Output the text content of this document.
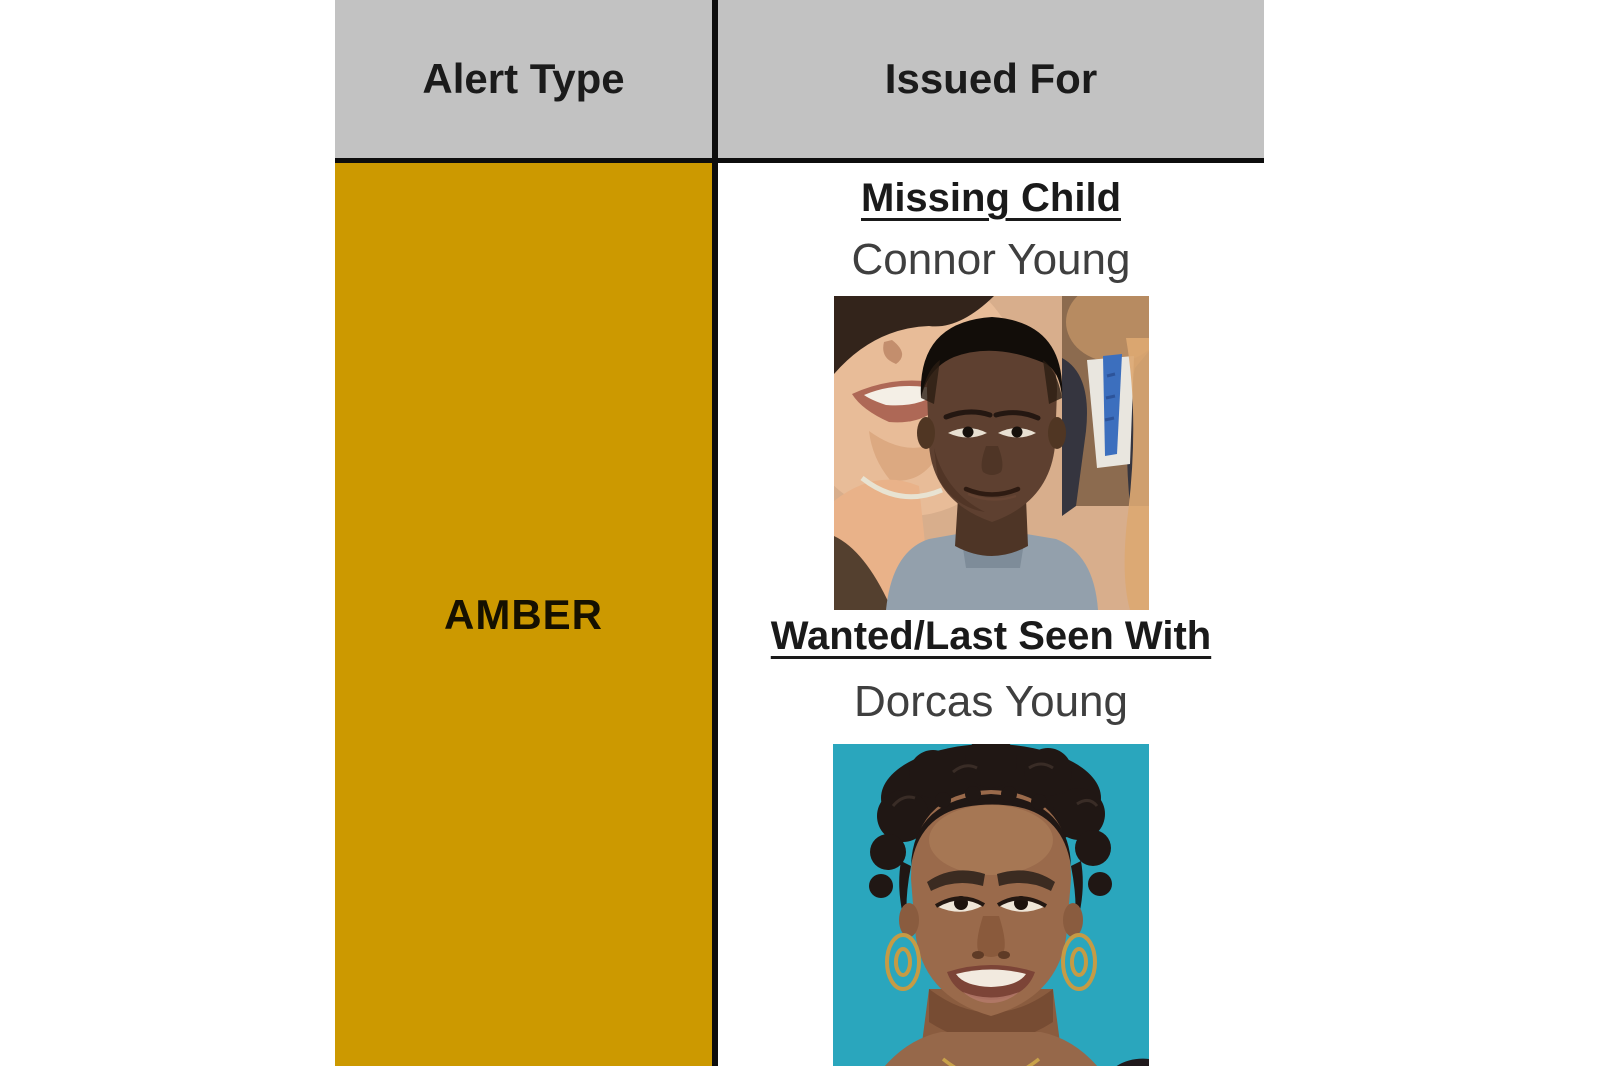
Alert Type	Issued For
AMBER
Missing Child
Connor Young
Wanted/Last Seen With
Dorcas Young
